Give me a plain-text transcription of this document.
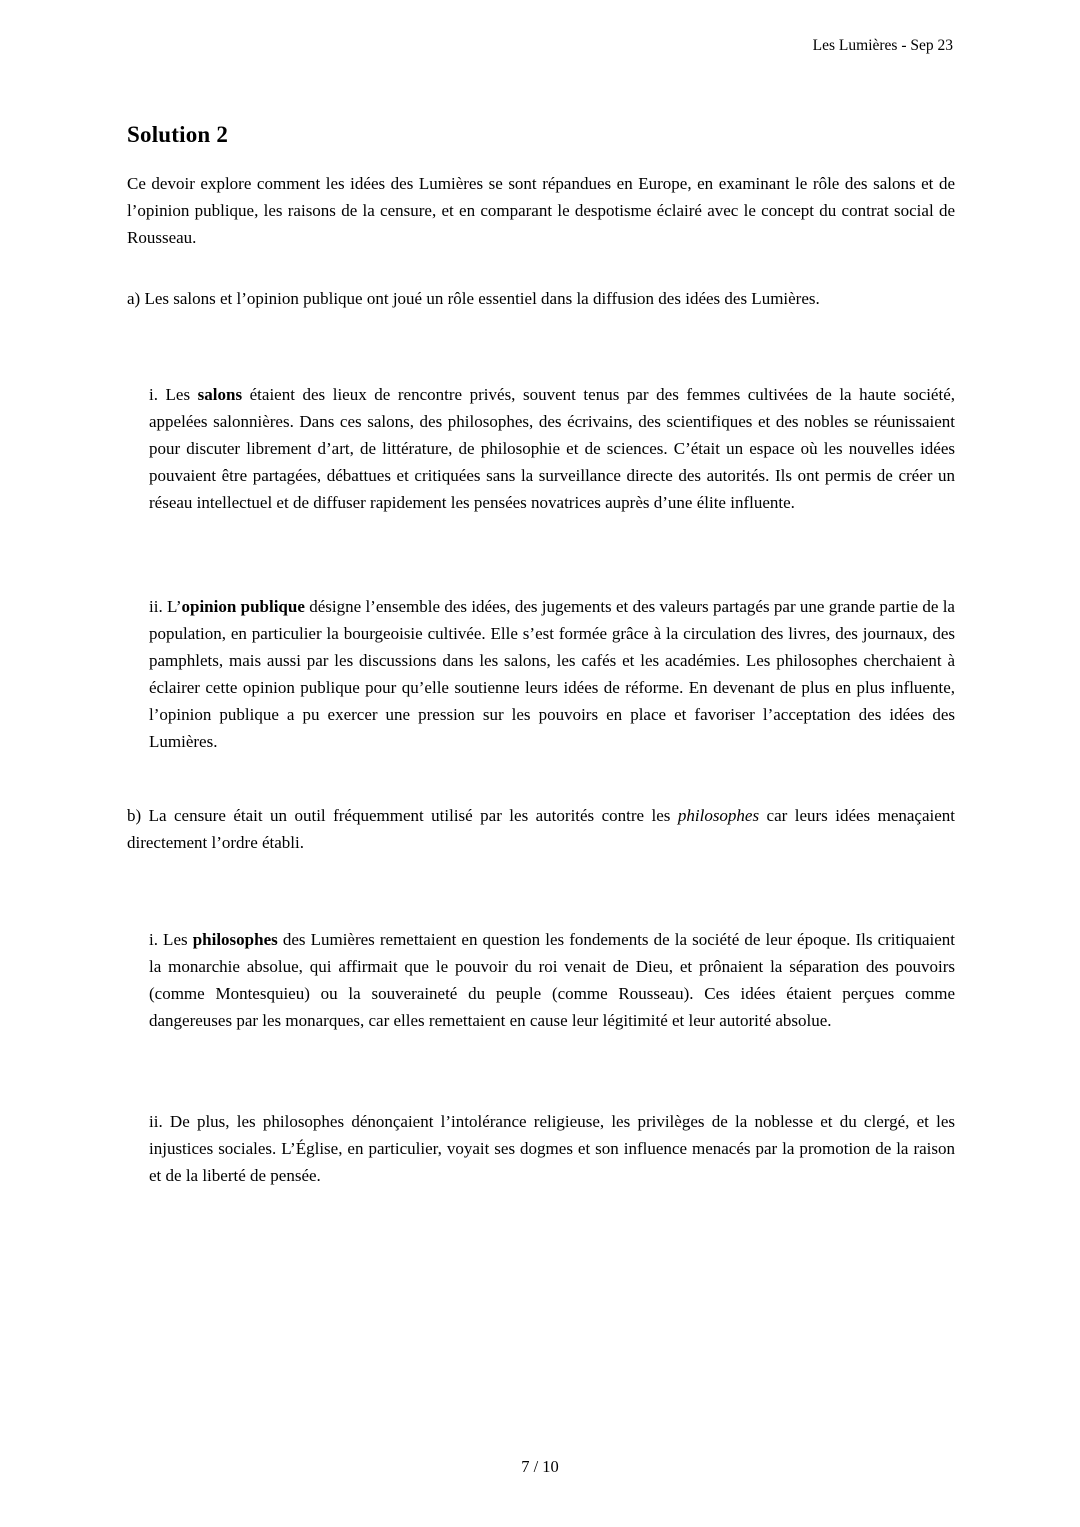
Les Lumières - Sep 23
Solution 2

Ce devoir explore comment les idées des Lumières se sont répandues en Europe, en examinant le rôle des salons et de l’opinion publique, les raisons de la censure, et en comparant le despotisme éclairé avec le concept du contrat social de Rousseau.

a) Les salons et l’opinion publique ont joué un rôle essentiel dans la diffusion des idées des Lumières.

i. Les salons étaient des lieux de rencontre privés, souvent tenus par des femmes cultivées de la haute société, appelées salonnières. Dans ces salons, des philosophes, des écrivains, des scientifiques et des nobles se réunissaient pour discuter librement d’art, de littérature, de philosophie et de sciences. C’était un espace où les nouvelles idées pouvaient être partagées, débattues et critiquées sans la surveillance directe des autorités. Ils ont permis de créer un réseau intellectuel et de diffuser rapidement les pensées novatrices auprès d’une élite influente.

ii. L’opinion publique désigne l’ensemble des idées, des jugements et des valeurs partagés par une grande partie de la population, en particulier la bourgeoisie cultivée. Elle s’est formée grâce à la circulation des livres, des journaux, des pamphlets, mais aussi par les discussions dans les salons, les cafés et les académies. Les philosophes cherchaient à éclairer cette opinion publique pour qu’elle soutienne leurs idées de réforme. En devenant de plus en plus influente, l’opinion publique a pu exercer une pression sur les pouvoirs en place et favoriser l’acceptation des idées des Lumières.

b) La censure était un outil fréquemment utilisé par les autorités contre les philosophes car leurs idées menaçaient directement l’ordre établi.

i. Les philosophes des Lumières remettaient en question les fondements de la société de leur époque. Ils critiquaient la monarchie absolue, qui affirmait que le pouvoir du roi venait de Dieu, et prônaient la séparation des pouvoirs (comme Montesquieu) ou la souveraineté du peuple (comme Rousseau). Ces idées étaient perçues comme dangereuses par les monarques, car elles remettaient en cause leur légitimité et leur autorité absolue.

ii. De plus, les philosophes dénonçaient l’intolérance religieuse, les privilèges de la noblesse et du clergé, et les injustices sociales. L’Église, en particulier, voyait ses dogmes et son influence menacés par la promotion de la raison et de la liberté de pensée.

7 / 10
